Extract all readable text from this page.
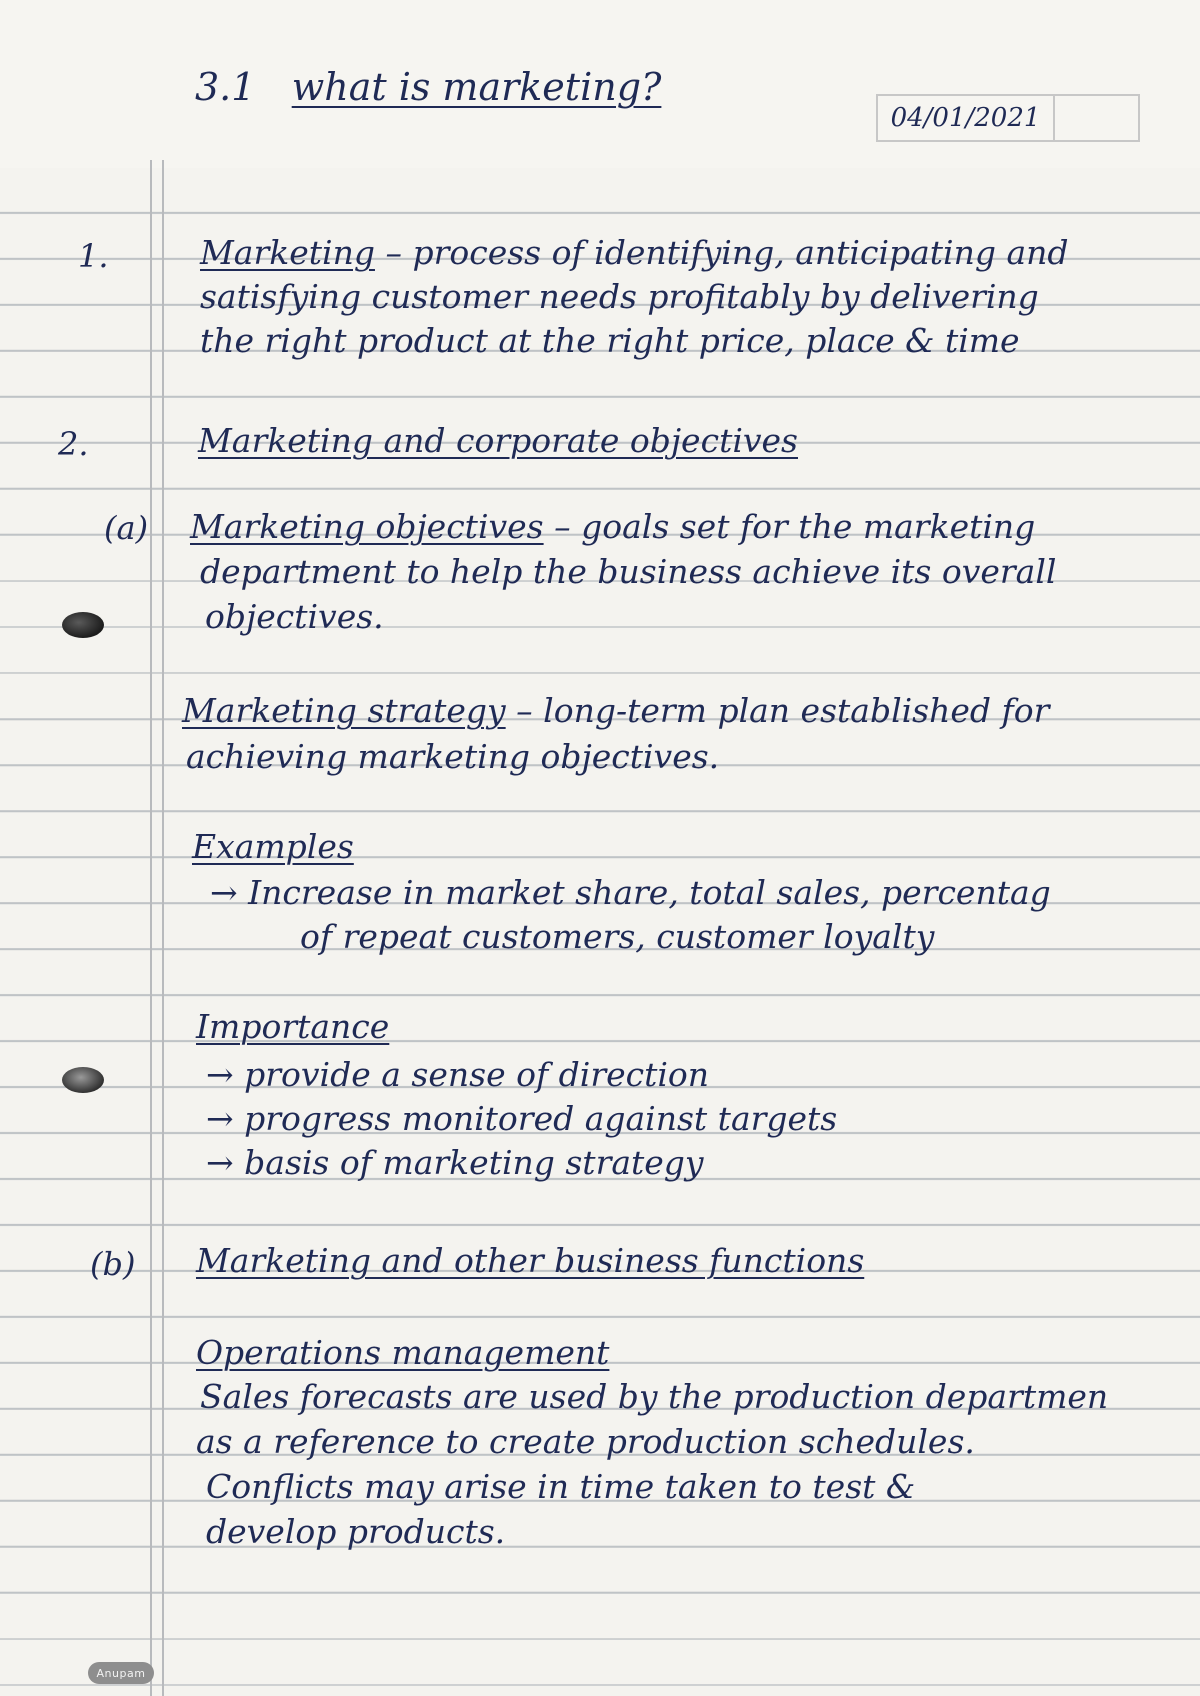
3.1 what is marketing?
04/01/2021
1.	Marketing – process of identifying, anticipating and
satisfying customer needs profitably by delivering
the right product at the right price, place & time
2.	Marketing and corporate objectives
(a) Marketing objectives – goals set for the marketing
department to help the business achieve its overall
objectives.
Marketing strategy – long-term plan established for
achieving marketing objectives.
Examples
→ Increase in market share, total sales, percentag
of repeat customers, customer loyalty
Importance
→ provide a sense of direction
→ progress monitored against targets
→ basis of marketing strategy
(b) Marketing and other business functions
Operations management
Sales forecasts are used by the production departmen
as a reference to create production schedules.
Conflicts may arise in time taken to test &
develop products.
Anupam
